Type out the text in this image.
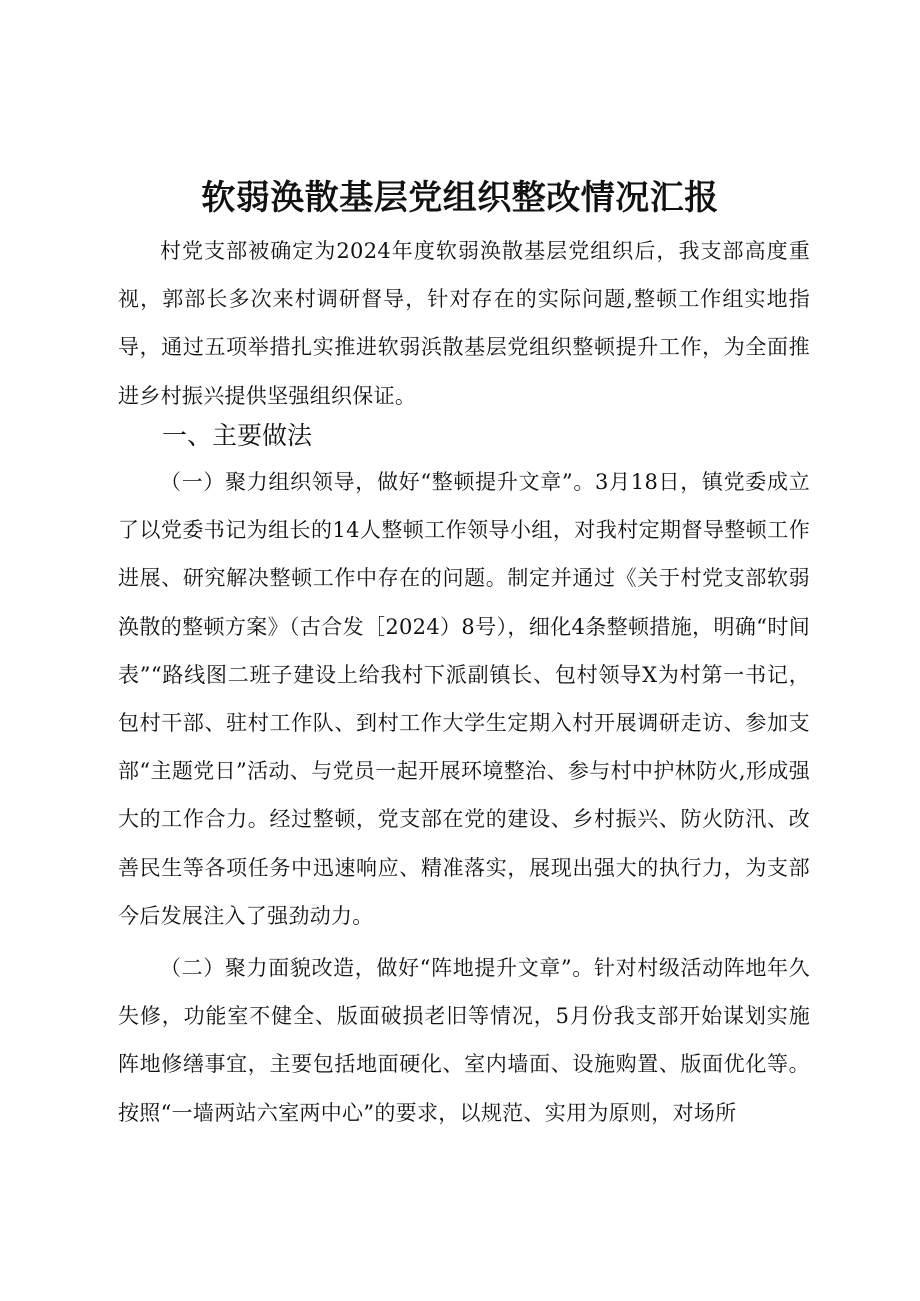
软弱涣散基层党组织整改情况汇报

村党支部被确定为2024年度软弱涣散基层党组织后，我支部高度重视，郭部长多次来村调研督导，针对存在的实际问题,整顿工作组实地指导，通过五项举措扎实推进软弱浜散基层党组织整顿提升工作，为全面推进乡村振兴提供坚强组织保证。

一、主要做法

（一）聚力组织领导，做好“整顿提升文章”。3月18日，镇党委成立了以党委书记为组长的14人整顿工作领导小组，对我村定期督导整顿工作进展、研究解决整顿工作中存在的问题。制定并通过《关于村党支部软弱涣散的整顿方案》（古合发［2024）8号），细化4条整顿措施，明确“时间表”“路线图二班子建设上给我村下派副镇长、包村领导X为村第一书记，包村干部、驻村工作队、到村工作大学生定期入村开展调研走访、参加支部“主题党日”活动、与党员一起开展环境整治、参与村中护林防火,形成强大的工作合力。经过整顿，党支部在党的建设、乡村振兴、防火防汛、改善民生等各项任务中迅速响应、精准落实，展现出强大的执行力，为支部今后发展注入了强劲动力。

（二）聚力面貌改造，做好“阵地提升文章”。针对村级活动阵地年久失修，功能室不健全、版面破损老旧等情况，5月份我支部开始谋划实施阵地修缮事宜，主要包括地面硬化、室内墙面、设施购置、版面优化等。按照“一墙两站六室两中心”的要求，以规范、实用为原则，对场所
